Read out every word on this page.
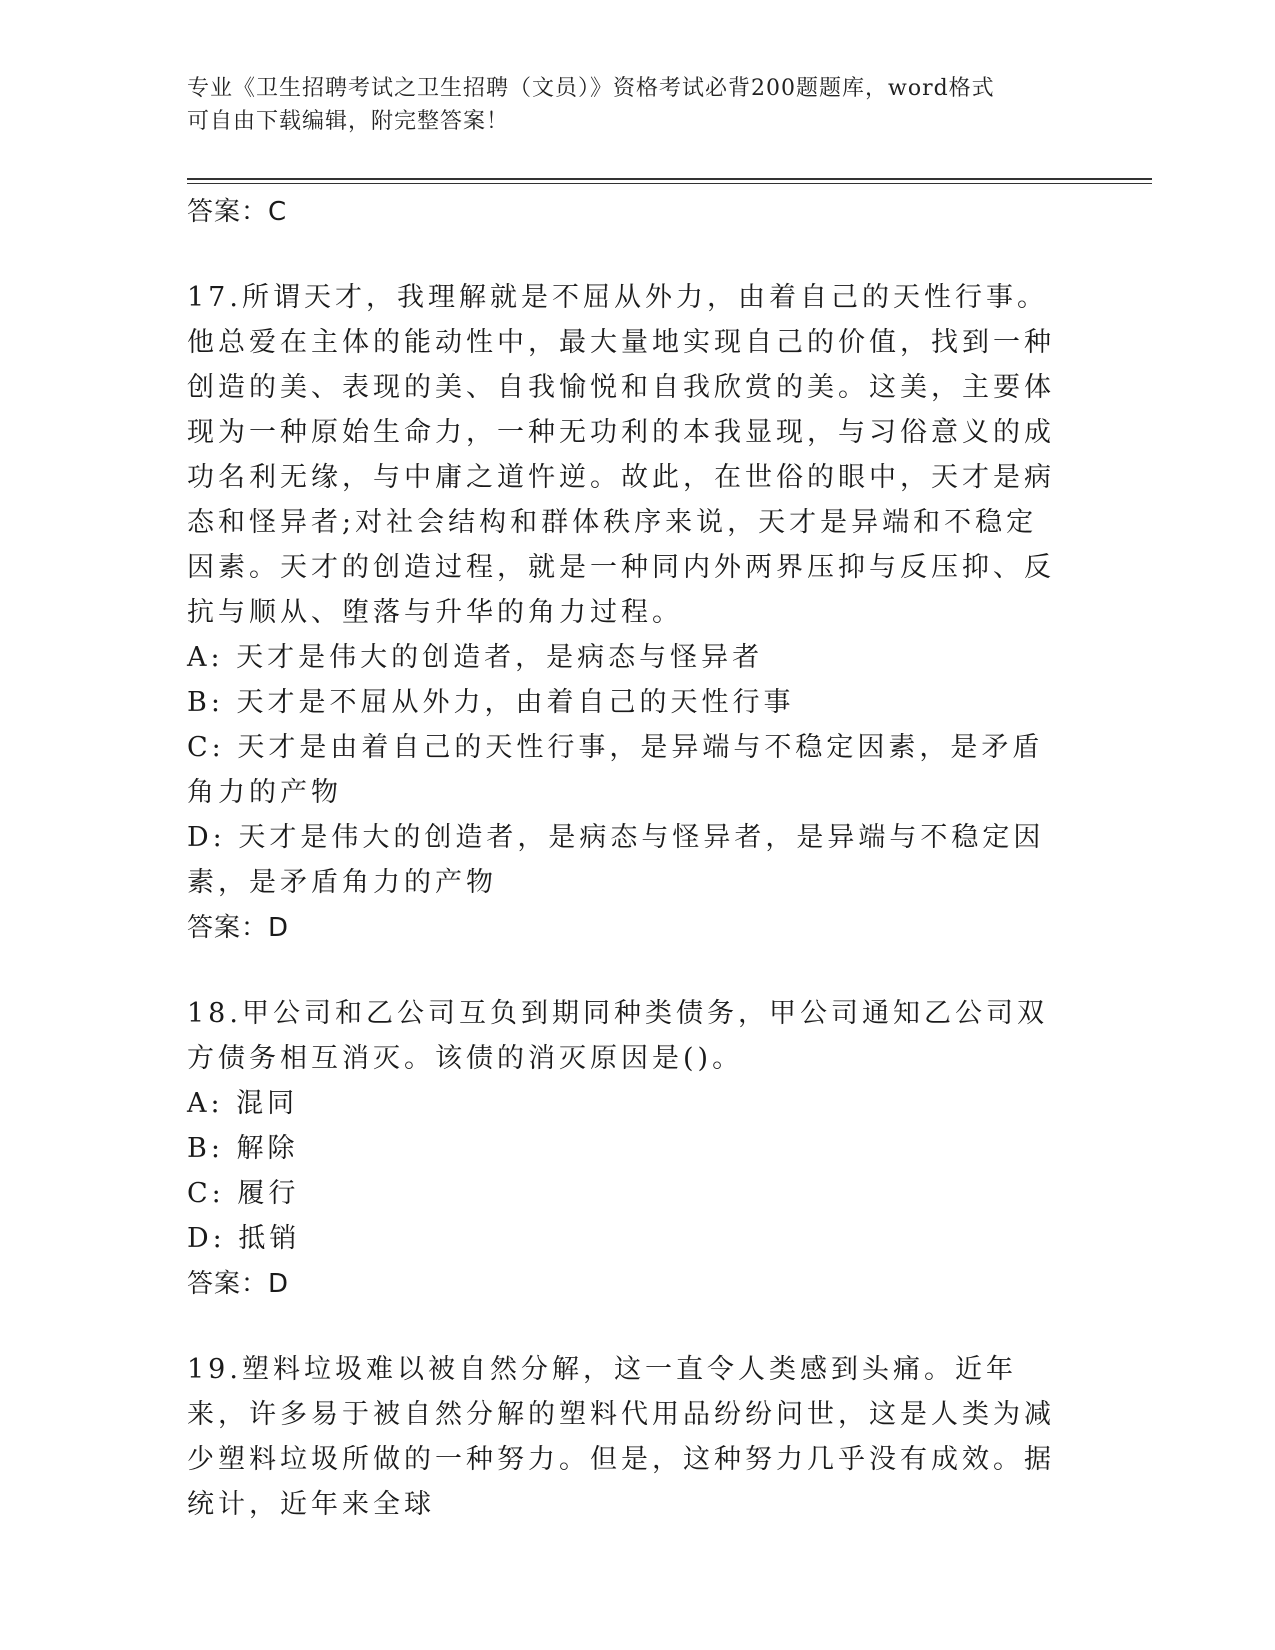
专业《卫生招聘考试之卫生招聘（文员）》资格考试必背200题题库，word格式
可自由下载编辑，附完整答案！

答案：C

17.所谓天才，我理解就是不屈从外力，由着自己的天性行事。他总爱在主体的能动性中，最大量地实现自己的价值，找到一种创造的美、表现的美、自我愉悦和自我欣赏的美。这美，主要体现为一种原始生命力，一种无功利的本我显现，与习俗意义的成功名利无缘，与中庸之道忤逆。故此，在世俗的眼中，天才是病态和怪异者;对社会结构和群体秩序来说，天才是异端和不稳定因素。天才的创造过程，就是一种同内外两界压抑与反压抑、反抗与顺从、堕落与升华的角力过程。

A: 天才是伟大的创造者，是病态与怪异者

B: 天才是不屈从外力，由着自己的天性行事

C: 天才是由着自己的天性行事，是异端与不稳定因素，是矛盾角力的产物

D: 天才是伟大的创造者，是病态与怪异者，是异端与不稳定因素，是矛盾角力的产物

答案：D

18.甲公司和乙公司互负到期同种类债务，甲公司通知乙公司双方债务相互消灭。该债的消灭原因是()。

A: 混同

B: 解除

C: 履行

D: 抵销

答案：D

19.塑料垃圾难以被自然分解，这一直令人类感到头痛。近年来，许多易于被自然分解的塑料代用品纷纷问世，这是人类为减少塑料垃圾所做的一种努力。但是，这种努力几乎没有成效。据统计，近年来全球
